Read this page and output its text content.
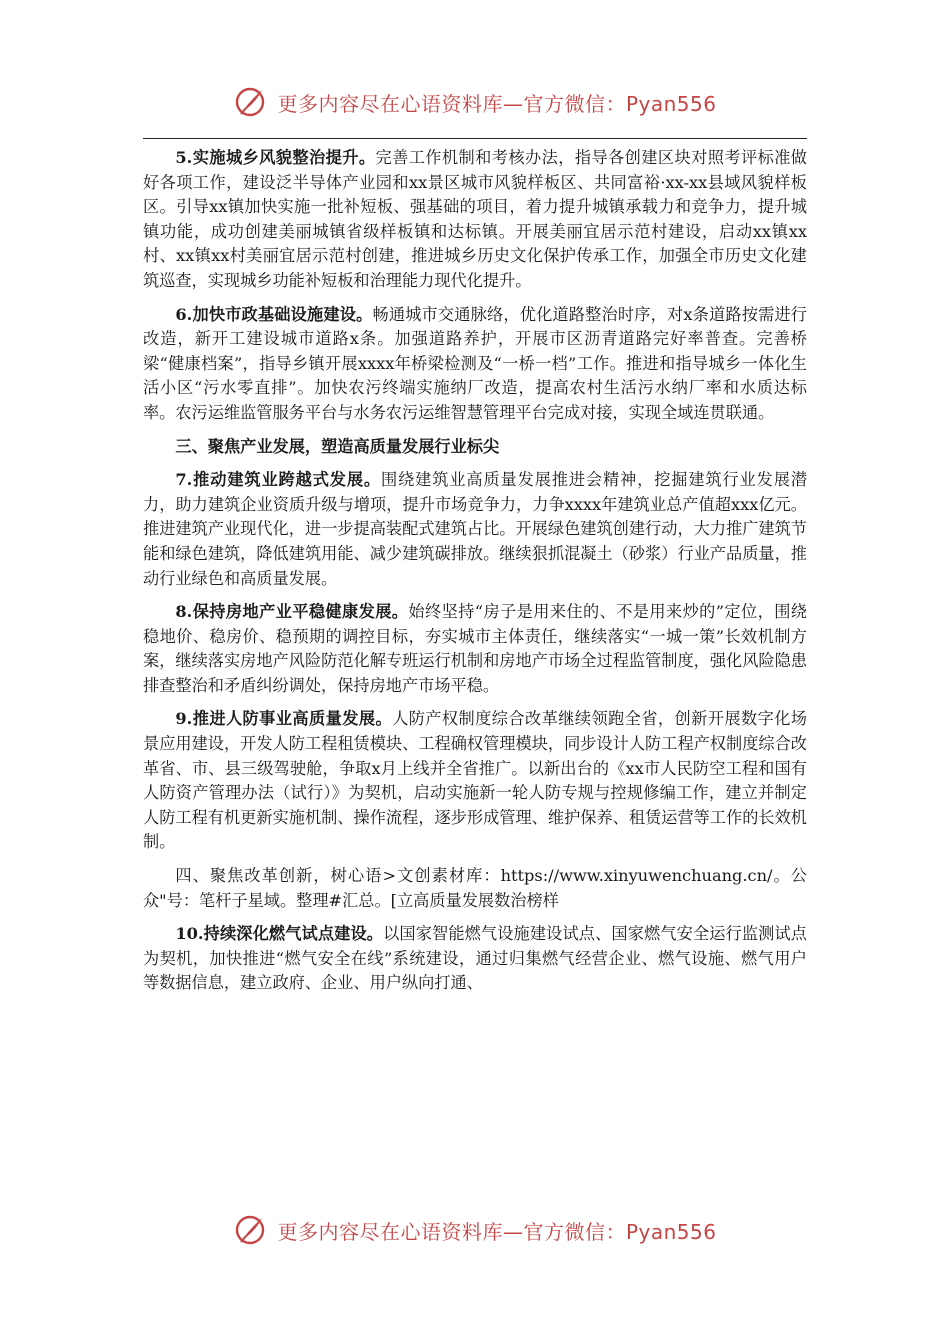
更多内容尽在心语资料库—官方微信：Pyan556

5.实施城乡风貌整治提升。完善工作机制和考核办法，指导各创建区块对照考评标准做好各项工作，建设泛半导体产业园和xx景区城市风貌样板区、共同富裕·xx-xx县域风貌样板区。引导xx镇加快实施一批补短板、强基础的项目，着力提升城镇承载力和竞争力，提升城镇功能，成功创建美丽城镇省级样板镇和达标镇。开展美丽宜居示范村建设，启动xx镇xx村、xx镇xx村美丽宜居示范村创建，推进城乡历史文化保护传承工作，加强全市历史文化建筑巡查，实现城乡功能补短板和治理能力现代化提升。

6.加快市政基础设施建设。畅通城市交通脉络，优化道路整治时序，对x条道路按需进行改造，新开工建设城市道路x条。加强道路养护，开展市区沥青道路完好率普查。完善桥梁“健康档案”，指导乡镇开展xxxx年桥梁检测及“一桥一档”工作。推进和指导城乡一体化生活小区“污水零直排”。加快农污终端实施纳厂改造，提高农村生活污水纳厂率和水质达标率。农污运维监管服务平台与水务农污运维智慧管理平台完成对接，实现全域连贯联通。

三、聚焦产业发展，塑造高质量发展行业标尖

7.推动建筑业跨越式发展。围绕建筑业高质量发展推进会精神，挖掘建筑行业发展潜力，助力建筑企业资质升级与增项，提升市场竞争力，力争xxxx年建筑业总产值超xxx亿元。推进建筑产业现代化，进一步提高装配式建筑占比。开展绿色建筑创建行动，大力推广建筑节能和绿色建筑，降低建筑用能、减少建筑碳排放。继续狠抓混凝土（砂浆）行业产品质量，推动行业绿色和高质量发展。

8.保持房地产业平稳健康发展。始终坚持“房子是用来住的、不是用来炒的”定位，围绕稳地价、稳房价、稳预期的调控目标，夯实城市主体责任，继续落实“一城一策”长效机制方案，继续落实房地产风险防范化解专班运行机制和房地产市场全过程监管制度，强化风险隐患排查整治和矛盾纠纷调处，保持房地产市场平稳。

9.推进人防事业高质量发展。人防产权制度综合改革继续领跑全省，创新开展数字化场景应用建设，开发人防工程租赁模块、工程确权管理模块，同步设计人防工程产权制度综合改革省、市、县三级驾驶舱，争取x月上线并全省推广。以新出台的《xx市人民防空工程和国有人防资产管理办法（试行）》为契机，启动实施新一轮人防专规与控规修编工作，建立并制定人防工程有机更新实施机制、操作流程，逐步形成管理、维护保养、租赁运营等工作的长效机制。

四、聚焦改革创新，树心语>文创素材库：https://www.xinyuwenchuang.cn/。公众"号：笔杆子星域。整理#汇总。[立高质量发展数治榜样

10.持续深化燃气试点建设。以国家智能燃气设施建设试点、国家燃气安全运行监测试点为契机，加快推进“燃气安全在线”系统建设，通过归集燃气经营企业、燃气设施、燃气用户等数据信息，建立政府、企业、用户纵向打通、

更多内容尽在心语资料库—官方微信：Pyan556
